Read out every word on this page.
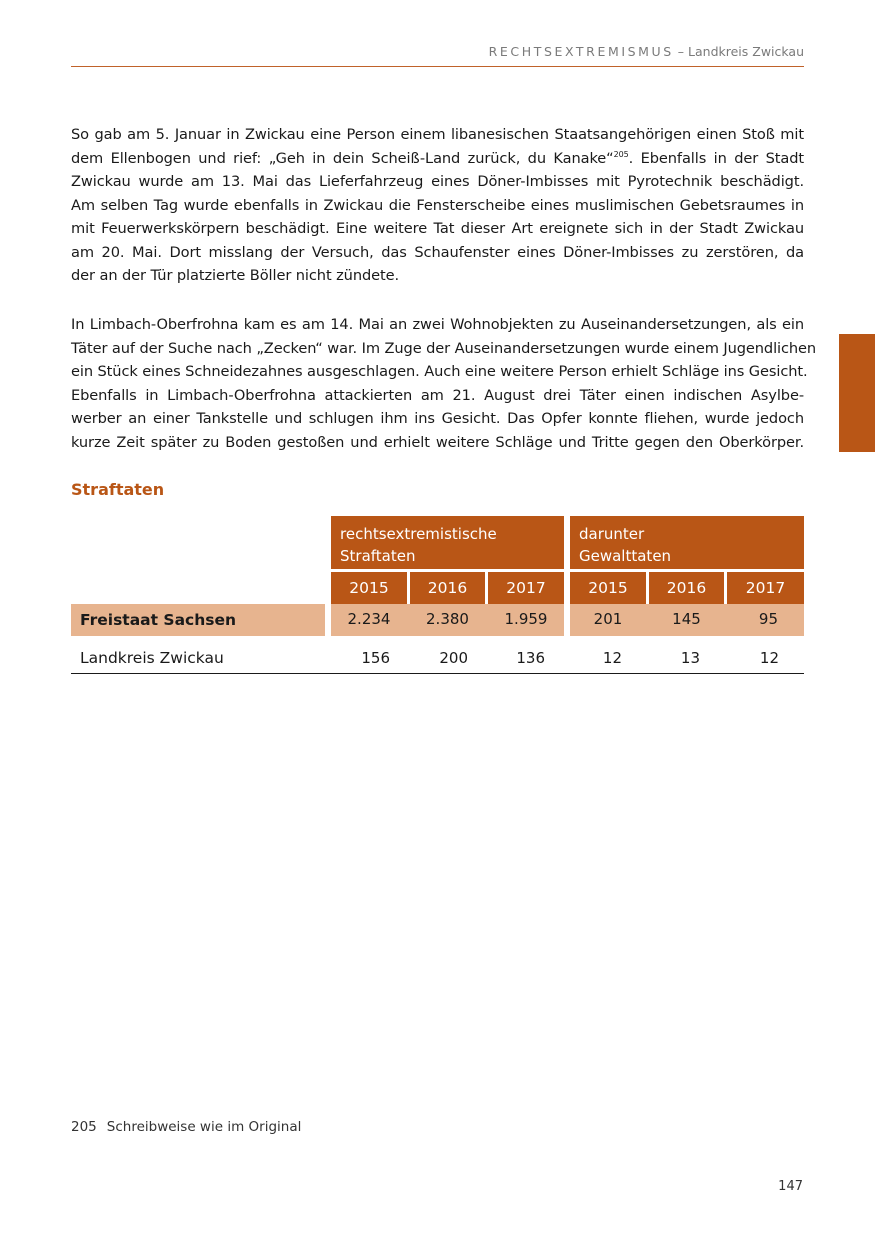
RECHTSEXTREMISMUS – Landkreis Zwickau

So gab am 5. Januar in Zwickau eine Person einem libanesischen Staatsangehörigen einen Stoß mit
dem Ellenbogen und rief: „Geh in dein Scheiß-Land zurück, du Kanake“$^{205}$. Ebenfalls in der Stadt
Zwickau wurde am 13. Mai das Lieferfahrzeug eines Döner-Imbisses mit Pyrotechnik beschädigt.
Am selben Tag wurde ebenfalls in Zwickau die Fensterscheibe eines muslimischen Gebetsraumes in
mit Feuerwerkskörpern beschädigt. Eine weitere Tat dieser Art ereignete sich in der Stadt Zwickau
am 20. Mai. Dort misslang der Versuch, das Schaufenster eines Döner-Imbisses zu zerstören, da
der an der Tür platzierte Böller nicht zündete.

In Limbach-Oberfrohna kam es am 14. Mai an zwei Wohnobjekten zu Auseinandersetzungen, als ein
Täter auf der Suche nach „Zecken“ war. Im Zuge der Auseinandersetzungen wurde einem Jugendlichen
ein Stück eines Schneidezahnes ausgeschlagen. Auch eine weitere Person erhielt Schläge ins Gesicht.
Ebenfalls in Limbach-Oberfrohna attackierten am 21. August drei Täter einen indischen Asylbe-
werber an einer Tankstelle und schlugen ihm ins Gesicht. Das Opfer konnte fliehen, wurde jedoch
kurze Zeit später zu Boden gestoßen und erhielt weitere Schläge und Tritte gegen den Oberkörper.

Straftaten
rechtsextremistische
Straftaten
darunter
Gewalttaten
2015	2016	2017	2015	2016	2017
Freistaat Sachsen	2.234	2.380	1.959	201	145	95
Landkreis Zwickau	156	200	136	12	13	12
205 Schreibweise wie im Original
147
